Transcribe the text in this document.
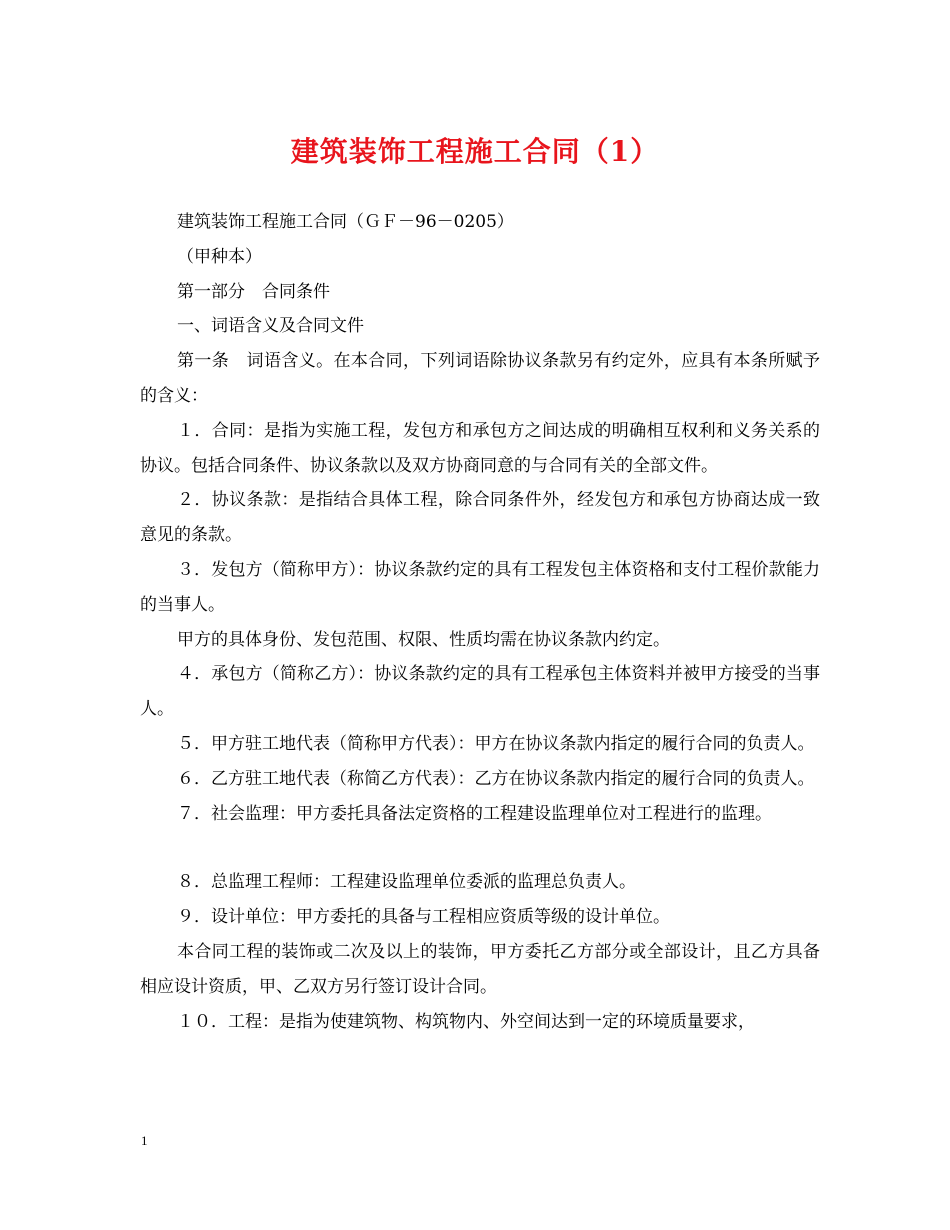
建筑装饰工程施工合同（1）

建筑装饰工程施工合同（ＧＦ－96－0205）

（甲种本）

第一部分　合同条件

一、词语含义及合同文件

第一条　词语含义。在本合同，下列词语除协议条款另有约定外，应具有本条所赋予的含义：

１．合同：是指为实施工程，发包方和承包方之间达成的明确相互权利和义务关系的协议。包括合同条件、协议条款以及双方协商同意的与合同有关的全部文件。

２．协议条款：是指结合具体工程，除合同条件外，经发包方和承包方协商达成一致意见的条款。

３．发包方（简称甲方）：协议条款约定的具有工程发包主体资格和支付工程价款能力的当事人。

甲方的具体身份、发包范围、权限、性质均需在协议条款内约定。

４．承包方（简称乙方）：协议条款约定的具有工程承包主体资料并被甲方接受的当事人。

５．甲方驻工地代表（简称甲方代表）：甲方在协议条款内指定的履行合同的负责人。

６．乙方驻工地代表（称简乙方代表）：乙方在协议条款内指定的履行合同的负责人。

７．社会监理：甲方委托具备法定资格的工程建设监理单位对工程进行的监理。

８．总监理工程师：工程建设监理单位委派的监理总负责人。

９．设计单位：甲方委托的具备与工程相应资质等级的设计单位。

本合同工程的装饰或二次及以上的装饰，甲方委托乙方部分或全部设计，且乙方具备相应设计资质，甲、乙双方另行签订设计合同。

１０．工程：是指为使建筑物、构筑物内、外空间达到一定的环境质量要求，

1
